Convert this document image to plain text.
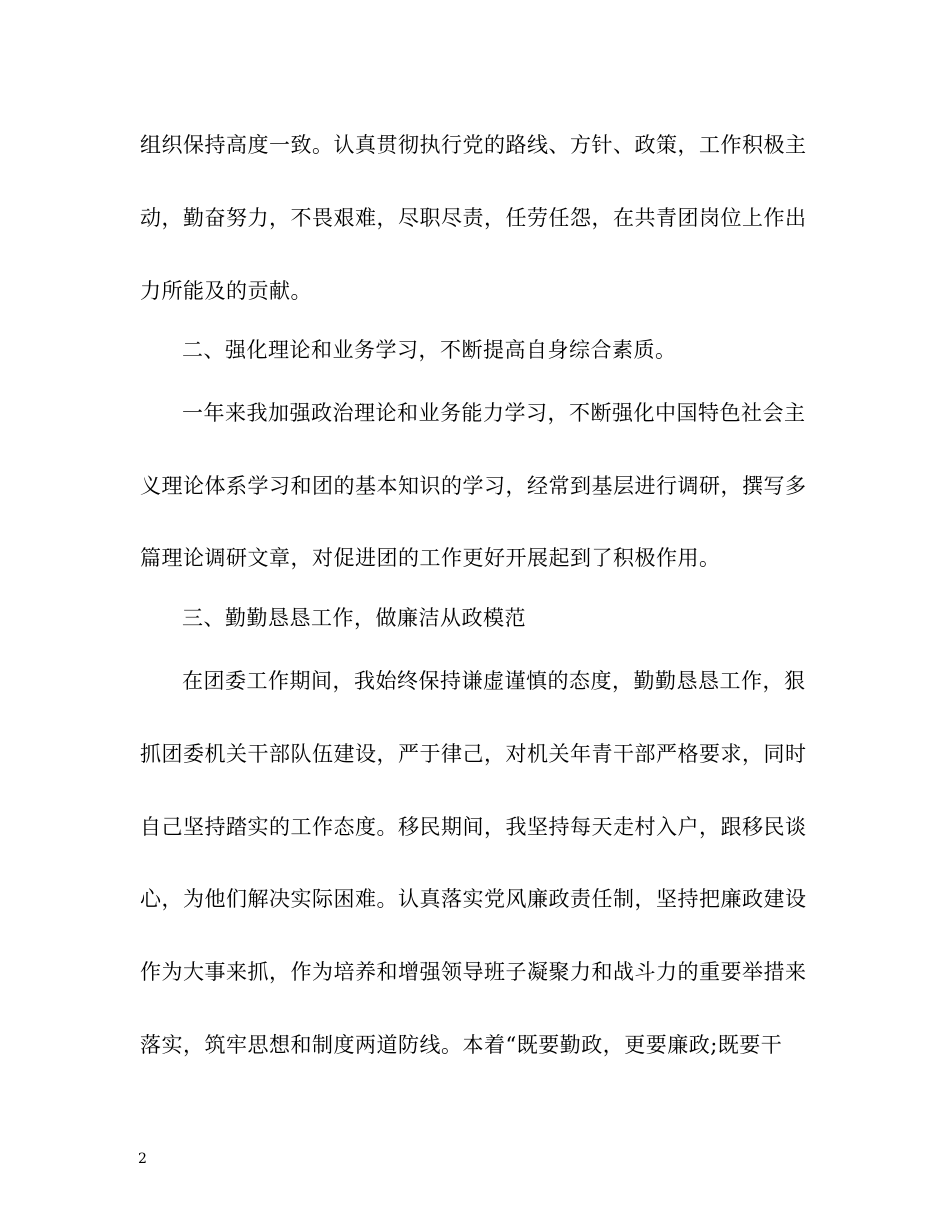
组织保持高度一致。认真贯彻执行党的路线、方针、政策，工作积极主
动，勤奋努力，不畏艰难，尽职尽责，任劳任怨，在共青团岗位上作出
力所能及的贡献。
二、强化理论和业务学习，不断提高自身综合素质。
一年来我加强政治理论和业务能力学习，不断强化中国特色社会主
义理论体系学习和团的基本知识的学习，经常到基层进行调研，撰写多
篇理论调研文章，对促进团的工作更好开展起到了积极作用。
三、勤勤恳恳工作，做廉洁从政模范
在团委工作期间，我始终保持谦虚谨慎的态度，勤勤恳恳工作，狠
抓团委机关干部队伍建设，严于律己，对机关年青干部严格要求，同时
自己坚持踏实的工作态度。移民期间，我坚持每天走村入户，跟移民谈
心，为他们解决实际困难。认真落实党风廉政责任制，坚持把廉政建设
作为大事来抓，作为培养和增强领导班子凝聚力和战斗力的重要举措来
落实，筑牢思想和制度两道防线。本着“既要勤政，更要廉政;既要干
2
